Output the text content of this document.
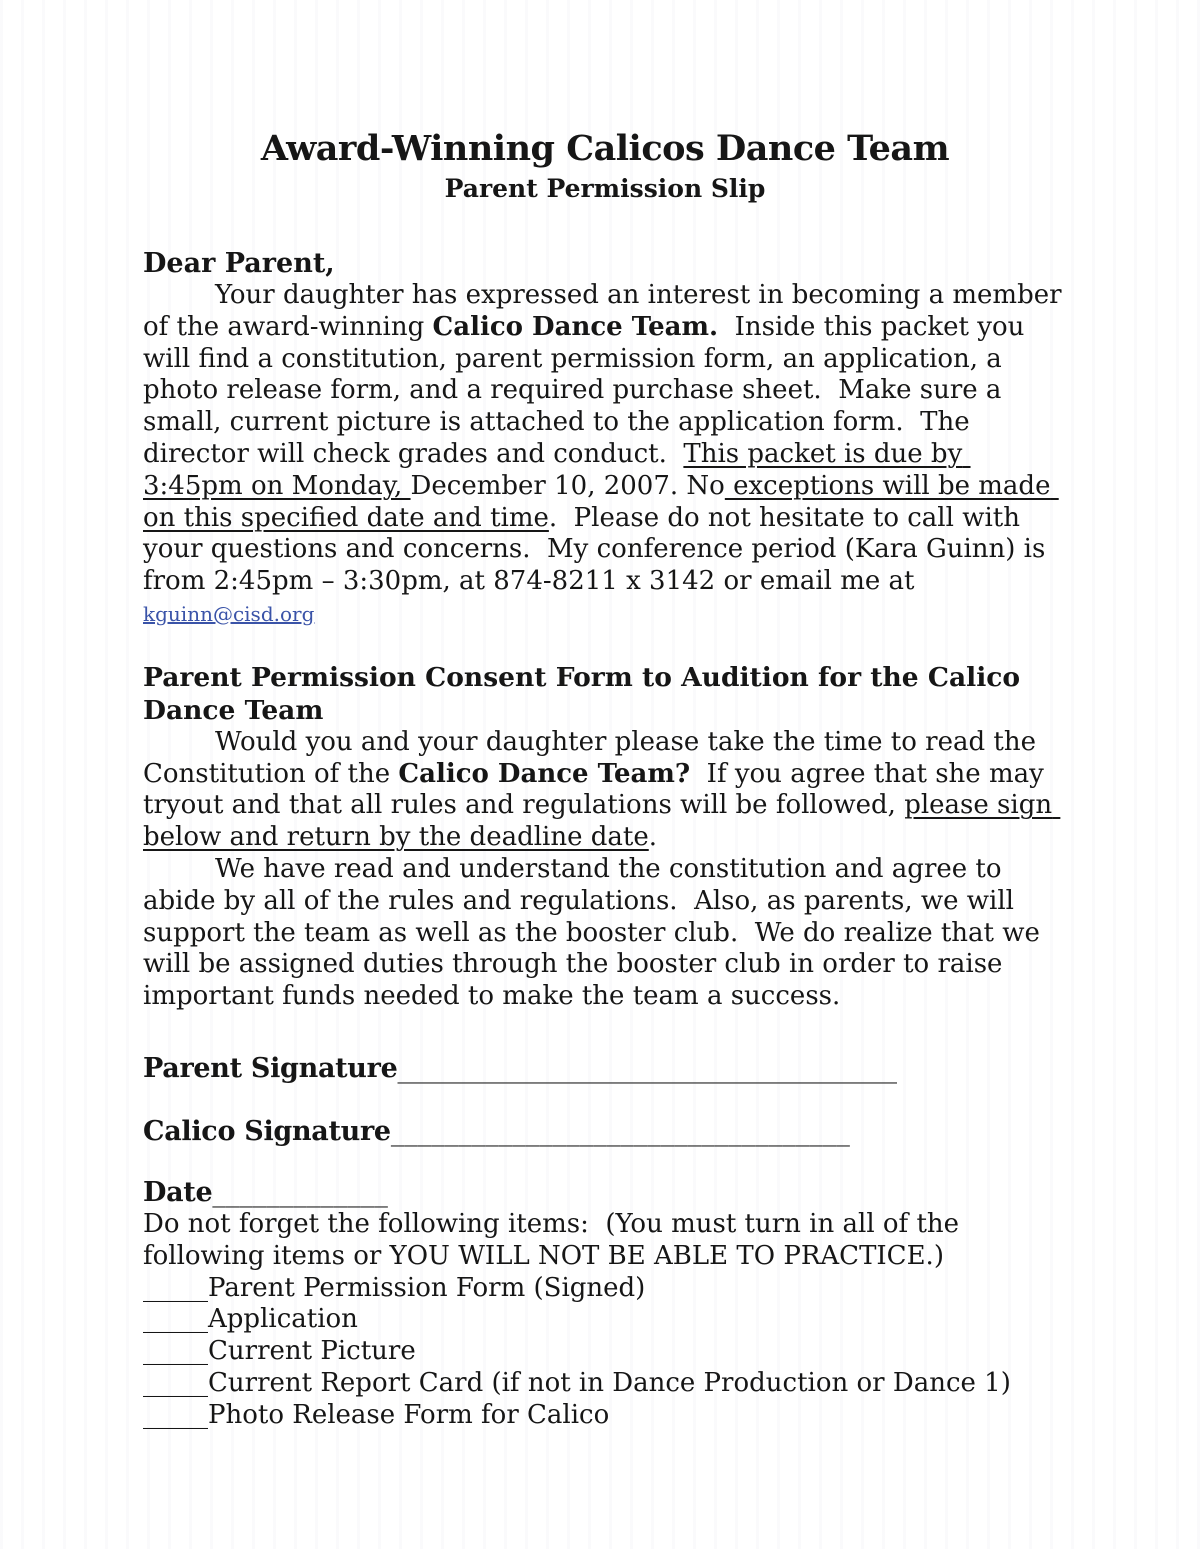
Award-Winning Calicos Dance Team
Parent Permission Slip
Dear Parent,
Your daughter has expressed an interest in becoming a member of the award-winning Calico Dance Team.  Inside this packet you will find a constitution, parent permission form, an application, a photo release form, and a required purchase sheet.  Make sure a small, current picture is attached to the application form.  The director will check grades and conduct.  This packet is due by 3:45pm on Monday, December 10, 2007. No exceptions will be made on this specified date and time.  Please do not hesitate to call with your questions and concerns.  My conference period (Kara Guinn) is from 2:45pm – 3:30pm, at 874-8211 x 3142 or email me at kguinn@cisd.org
Parent Permission Consent Form to Audition for the Calico Dance Team
Would you and your daughter please take the time to read the Constitution of the Calico Dance Team?  If you agree that she may tryout and that all rules and regulations will be followed, please sign below and return by the deadline date.
We have read and understand the constitution and agree to abide by all of the rules and regulations.  Also, as parents, we will support the team as well as the booster club.  We do realize that we will be assigned duties through the booster club in order to raise important funds needed to make the team a success.
Parent Signature_____________________________________
Calico Signature__________________________________
Date_____________
Do not forget the following items:  (You must turn in all of the following items or YOU WILL NOT BE ABLE TO PRACTICE.)
_____Parent Permission Form (Signed)
_____Application
_____Current Picture
_____Current Report Card (if not in Dance Production or Dance 1)
_____Photo Release Form for Calico
